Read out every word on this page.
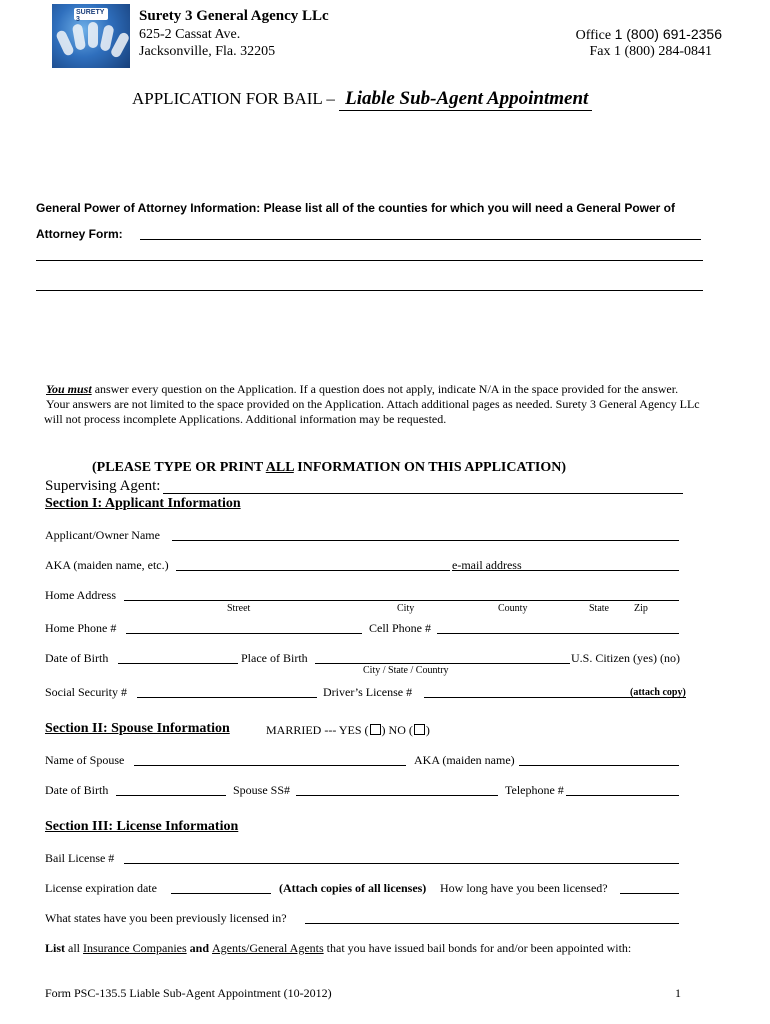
SURETY 3	Surety 3 General Agency LLc
625-2 Cassat Ave.
Jacksonville, Fla. 32205
Office 1 (800) 691-2356
Fax 1 (800) 284-0841
APPLICATION FOR BAIL – Liable Sub-Agent Appointment
General Power of Attorney Information: Please list all of the counties for which you will need a General Power of
Attorney Form:
You must answer every question on the Application. If a question does not apply, indicate N/A in the space provided for the answer.
Your answers are not limited to the space provided on the Application. Attach additional pages as needed. Surety 3 General Agency LLc
will not process incomplete Applications. Additional information may be requested.
(PLEASE TYPE OR PRINT ALL INFORMATION ON THIS APPLICATION)
Supervising Agent:
Section I: Applicant Information
Applicant/Owner Name
AKA (maiden name, etc.)	e-mail address
Home Address
Street	City	County	State	Zip
Home Phone #	Cell Phone #
Date of Birth	Place of Birth	U.S. Citizen (yes) (no)
City / State / Country
Social Security #	Driver’s License #	(attach copy)
Section II: Spouse Information	MARRIED --- YES ( ) NO ( )
Name of Spouse	AKA (maiden name)
Date of Birth	Spouse SS#	Telephone #
Section III: License Information
Bail License #
License expiration date	(Attach copies of all licenses) How long have you been licensed?
What states have you been previously licensed in?
List all Insurance Companies and Agents/General Agents that you have issued bail bonds for and/or been appointed with:
Form PSC-135.5 Liable Sub-Agent Appointment (10-2012)	1
